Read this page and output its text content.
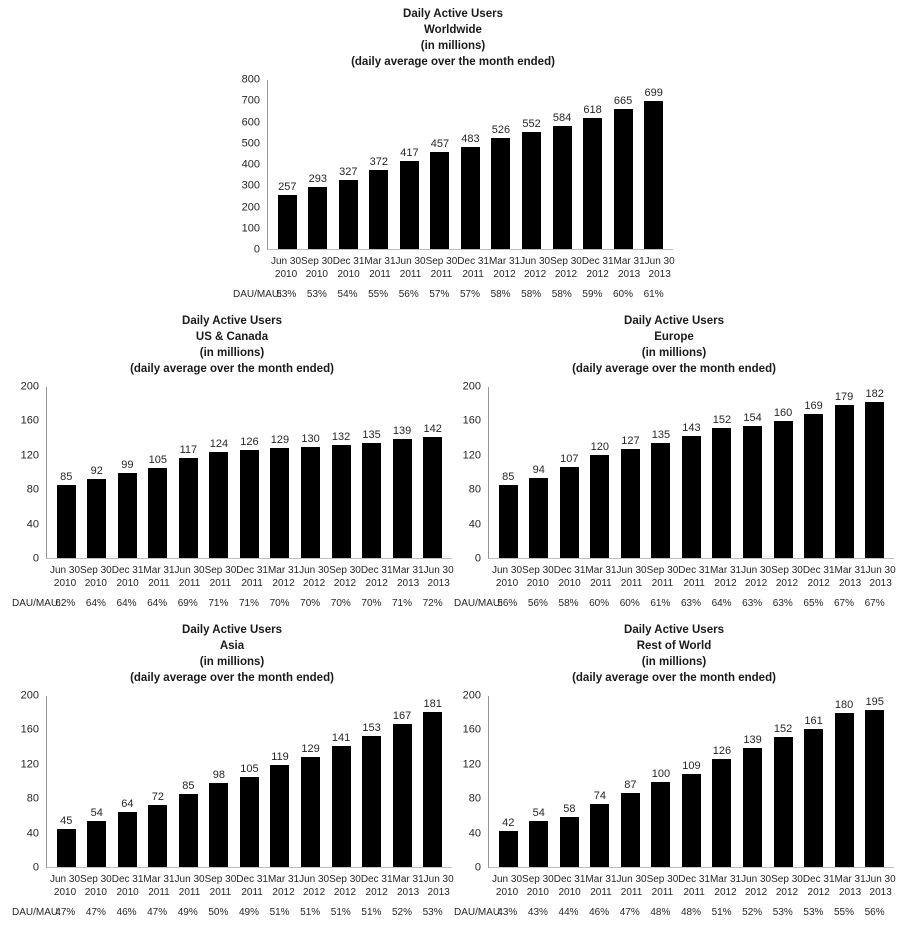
Daily Active Users
Worldwide
(in millions)
(daily average over the month ended)
0
100
200
300
400
500
600
700
800
257
293
327
372
417
457 483
526 552
584
618
665
699
Jun 30
2010
Sep 30
2010
Dec 31
2010
Mar 31
2011
Jun 30
2011
Sep 30
2011
Dec 31
2011
Mar 31
2012
Jun 30
2012
Sep 30
2012
Dec 31
2012
Mar 31
2013
Jun 30
2013
DAU/MAU:
53%	53%	54%	55%	56%	57%	57%	58%	58%	58%	59%	60%	61%
Daily Active Users
US & Canada
(in millions)
(daily average over the month ended)
0
40
80
120
160
200
85 92 99 105
117 124 126 129 130 132 135 139 142
Jun 30
2010
Sep 30
2010
Dec 31
2010
Mar 31
2011
Jun 30
2011
Sep 30
2011
Dec 31
2011
Mar 31
2012
Jun 30
2012
Sep 30
2012
Dec 31
2012
Mar 31
2013
Jun 30
2013
DAU/MAU:
62%	64%	64%	64%	69%	71%	71%	70%	70%	70%	70%	71%	72%
Daily Active Users
Europe
(in millions)
(daily average over the month ended)
0
40
80
120
160
200
85
94
107
120 127
135
143
152 154 160
169
179 182
Jun 30
2010
Sep 30
2010
Dec 31
2010
Mar 31
2011
Jun 30
2011
Sep 30
2011
Dec 31
2011
Mar 31
2012
Jun 30
2012
Sep 30
2012
Dec 31
2012
Mar 31
2013
Jun 30
2013
DAU/MAU:
56%	56%	58%	60%	60%	61%	63%	64%	63%	63%	65%	67%	67%
Daily Active Users
Asia
(in millions)
(daily average over the month ended)
0
40
80
120
160
200
45
54
64
72
85
98 105
119
129
141
153
167
181
Jun 30
2010
Sep 30
2010
Dec 31
2010
Mar 31
2011
Jun 30
2011
Sep 30
2011
Dec 31
2011
Mar 31
2012
Jun 30
2012
Sep 30
2012
Dec 31
2012
Mar 31
2013
Jun 30
2013
DAU/MAU:
47%	47%	46%	47%	49%	50%	49%	51%	51%	51%	51%	52%	53%
Daily Active Users
Rest of World
(in millions)
(daily average over the month ended)
0
40
80
120
160
200
42
54 58
74
87
100
109
126
139
152
161
180 195
Jun 30
2010
Sep 30
2010
Dec 31
2010
Mar 31
2011
Jun 30
2011
Sep 30
2011
Dec 31
2011
Mar 31
2012
Jun 30
2012
Sep 30
2012
Dec 31
2012
Mar 31
2013
Jun 30
2013
DAU/MAU:
43%	43%	44%	46%	47%	48%	48%	51%	52%	53%	53%	55%	56%
